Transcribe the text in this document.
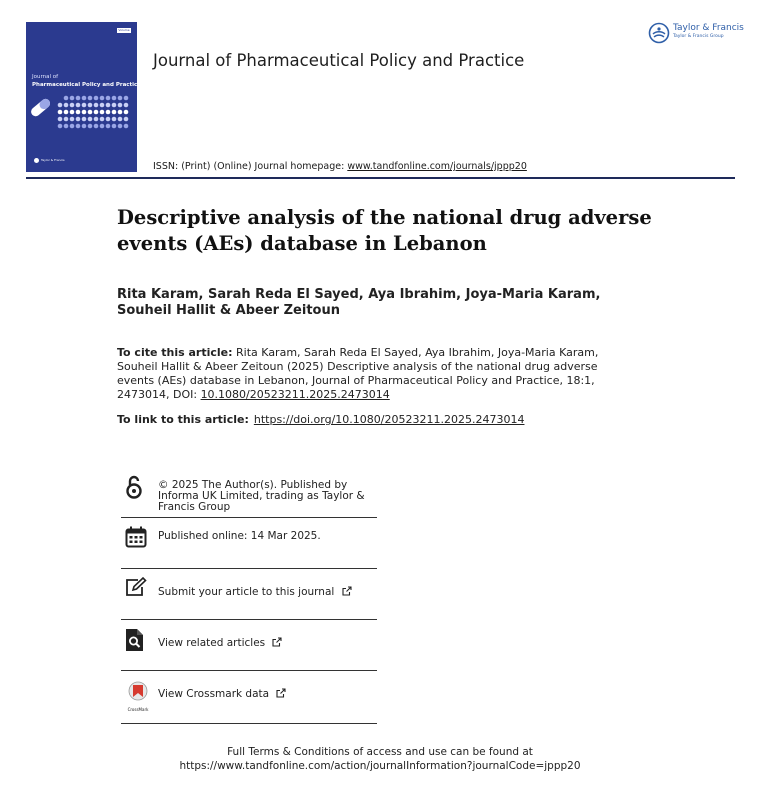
Volume 17
Journal of
Pharmaceutical Policy and Practice
Taylor & Francis
Journal of Pharmaceutical Policy and Practice
ISSN: (Print) (Online) Journal homepage: www.tandfonline.com/journals/jppp20
Taylor & Francis
Taylor & Francis Group
Descriptive analysis of the national drug adverse events (AEs) database in Lebanon
Rita Karam, Sarah Reda El Sayed, Aya Ibrahim, Joya-Maria Karam, Souheil Hallit & Abeer Zeitoun
To cite this article: Rita Karam, Sarah Reda El Sayed, Aya Ibrahim, Joya-Maria Karam, Souheil Hallit & Abeer Zeitoun (2025) Descriptive analysis of the national drug adverse events (AEs) database in Lebanon, Journal of Pharmaceutical Policy and Practice, 18:1, 2473014, DOI: 10.1080/20523211.2025.2473014
To link to this article: https://doi.org/10.1080/20523211.2025.2473014
© 2025 The Author(s). Published by Informa UK Limited, trading as Taylor & Francis Group
Published online: 14 Mar 2025.
Submit your article to this journal
View related articles
CrossMark
View Crossmark data
Full Terms & Conditions of access and use can be found at
https://www.tandfonline.com/action/journalInformation?journalCode=jppp20
